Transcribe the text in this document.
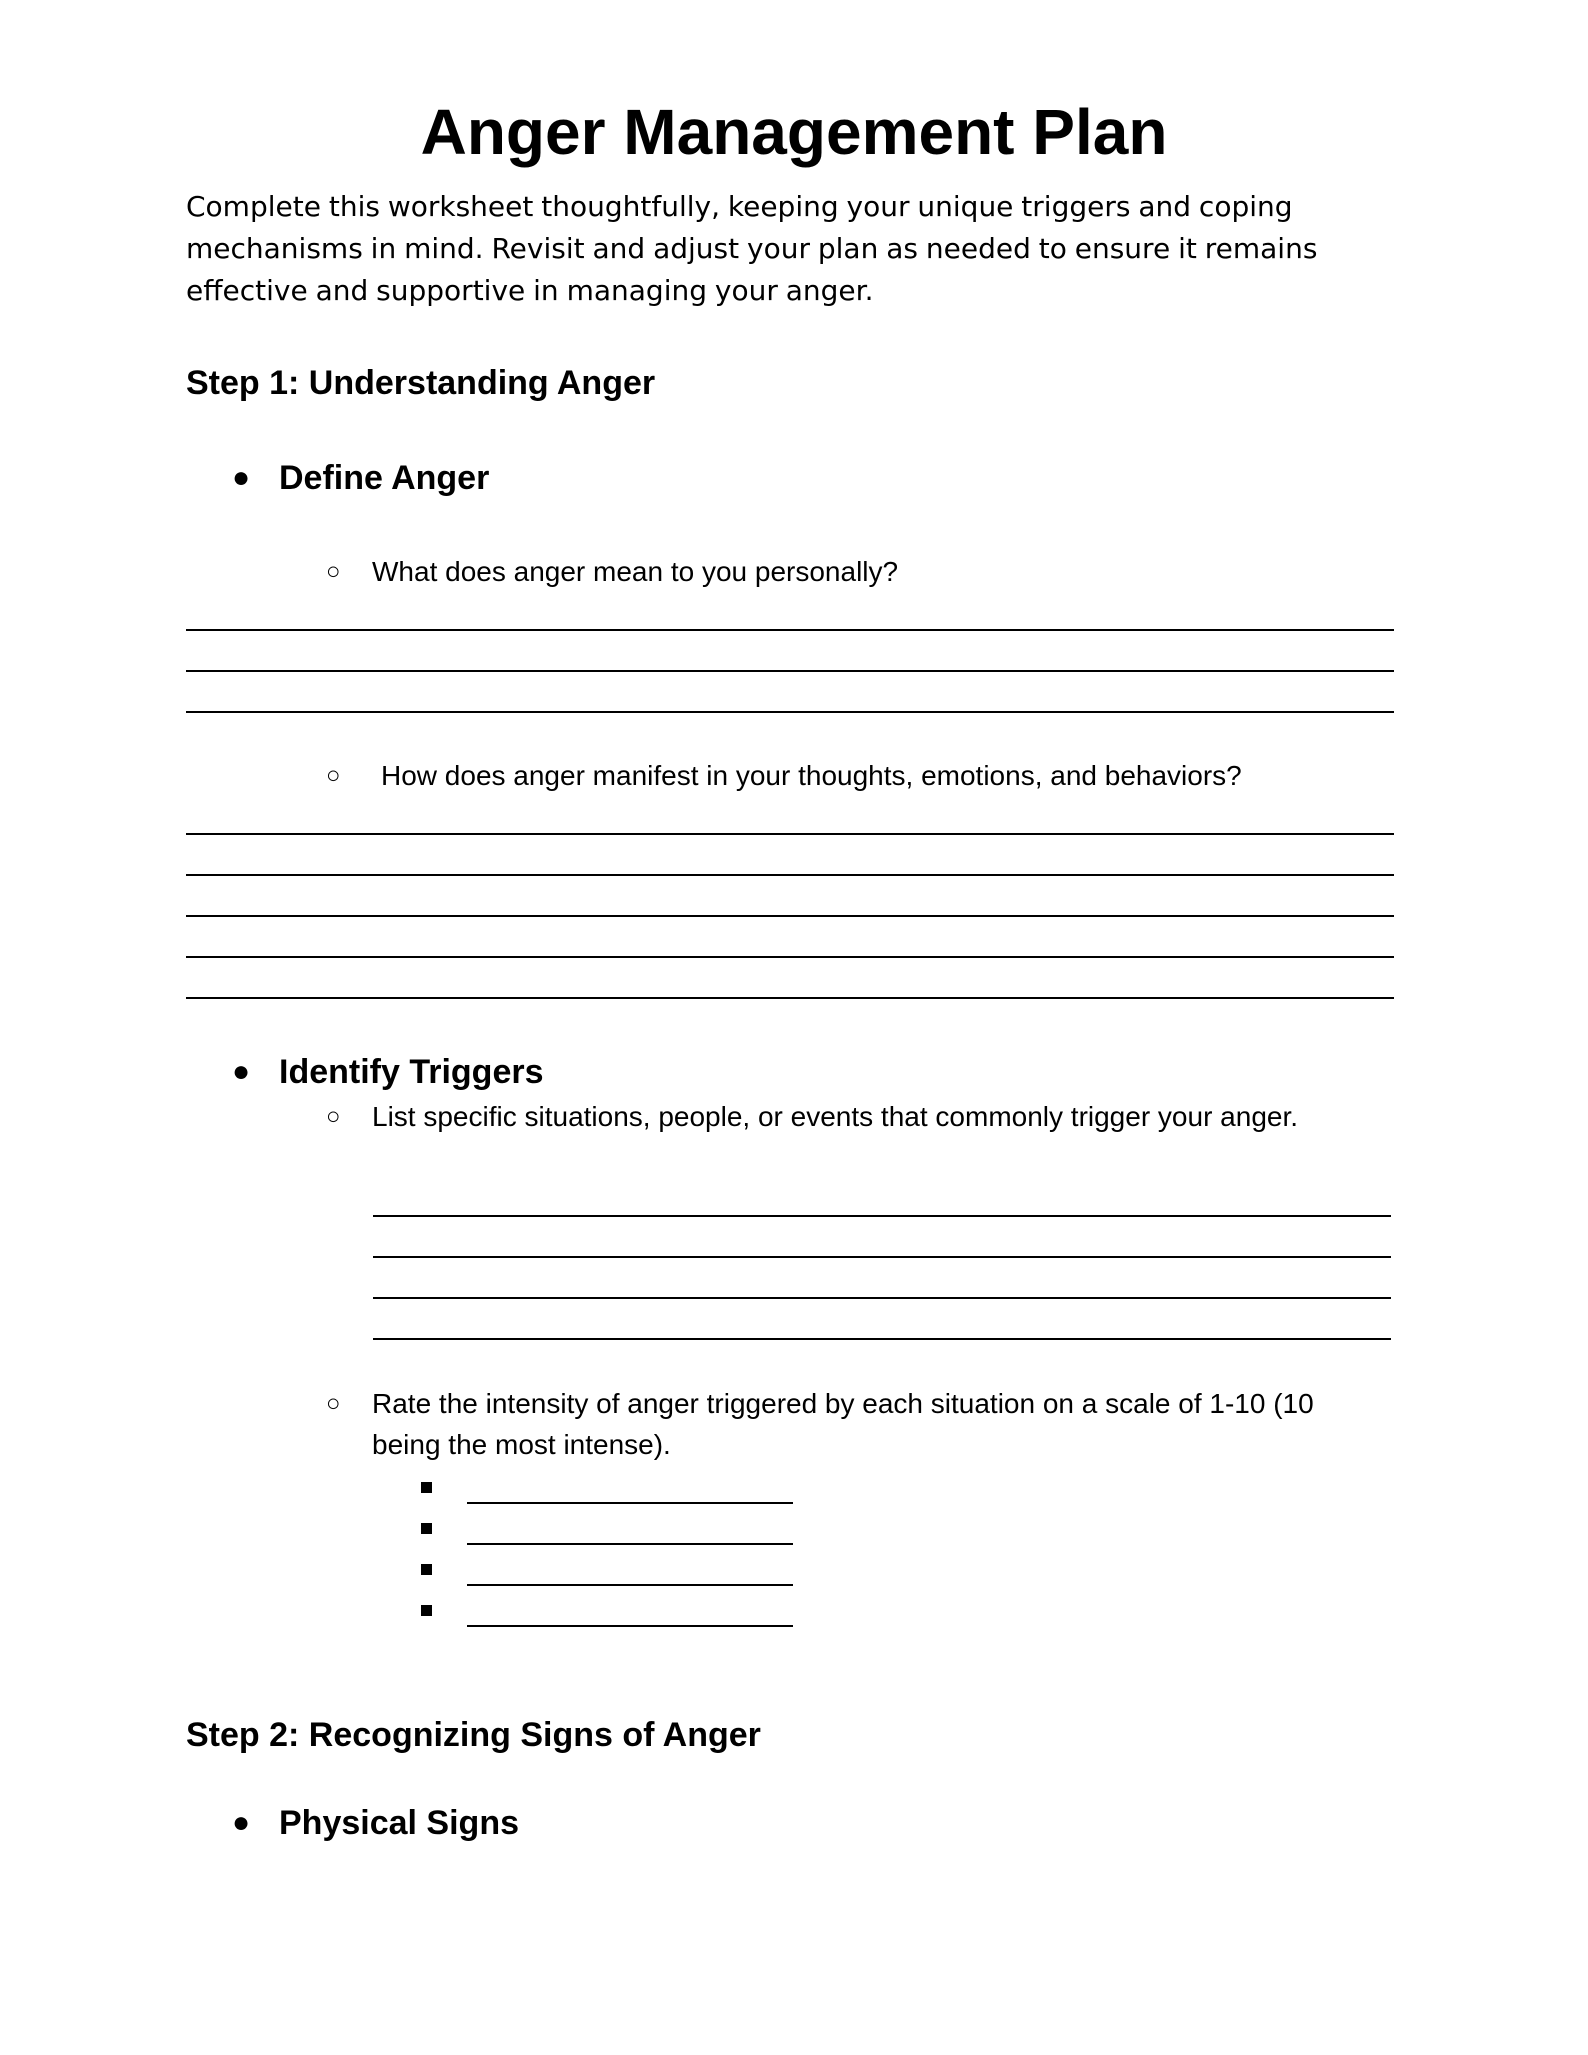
Anger Management Plan
Complete this worksheet thoughtfully, keeping your unique triggers and coping mechanisms in mind. Revisit and adjust your plan as needed to ensure it remains effective and supportive in managing your anger.
Step 1: Understanding Anger
● Define Anger
○ What does anger mean to you personally?
○ How does anger manifest in your thoughts, emotions, and behaviors?
● Identify Triggers
○ List specific situations, people, or events that commonly trigger your anger.
○ Rate the intensity of anger triggered by each situation on a scale of 1-10 (10 being the most intense).
Step 2: Recognizing Signs of Anger
● Physical Signs
